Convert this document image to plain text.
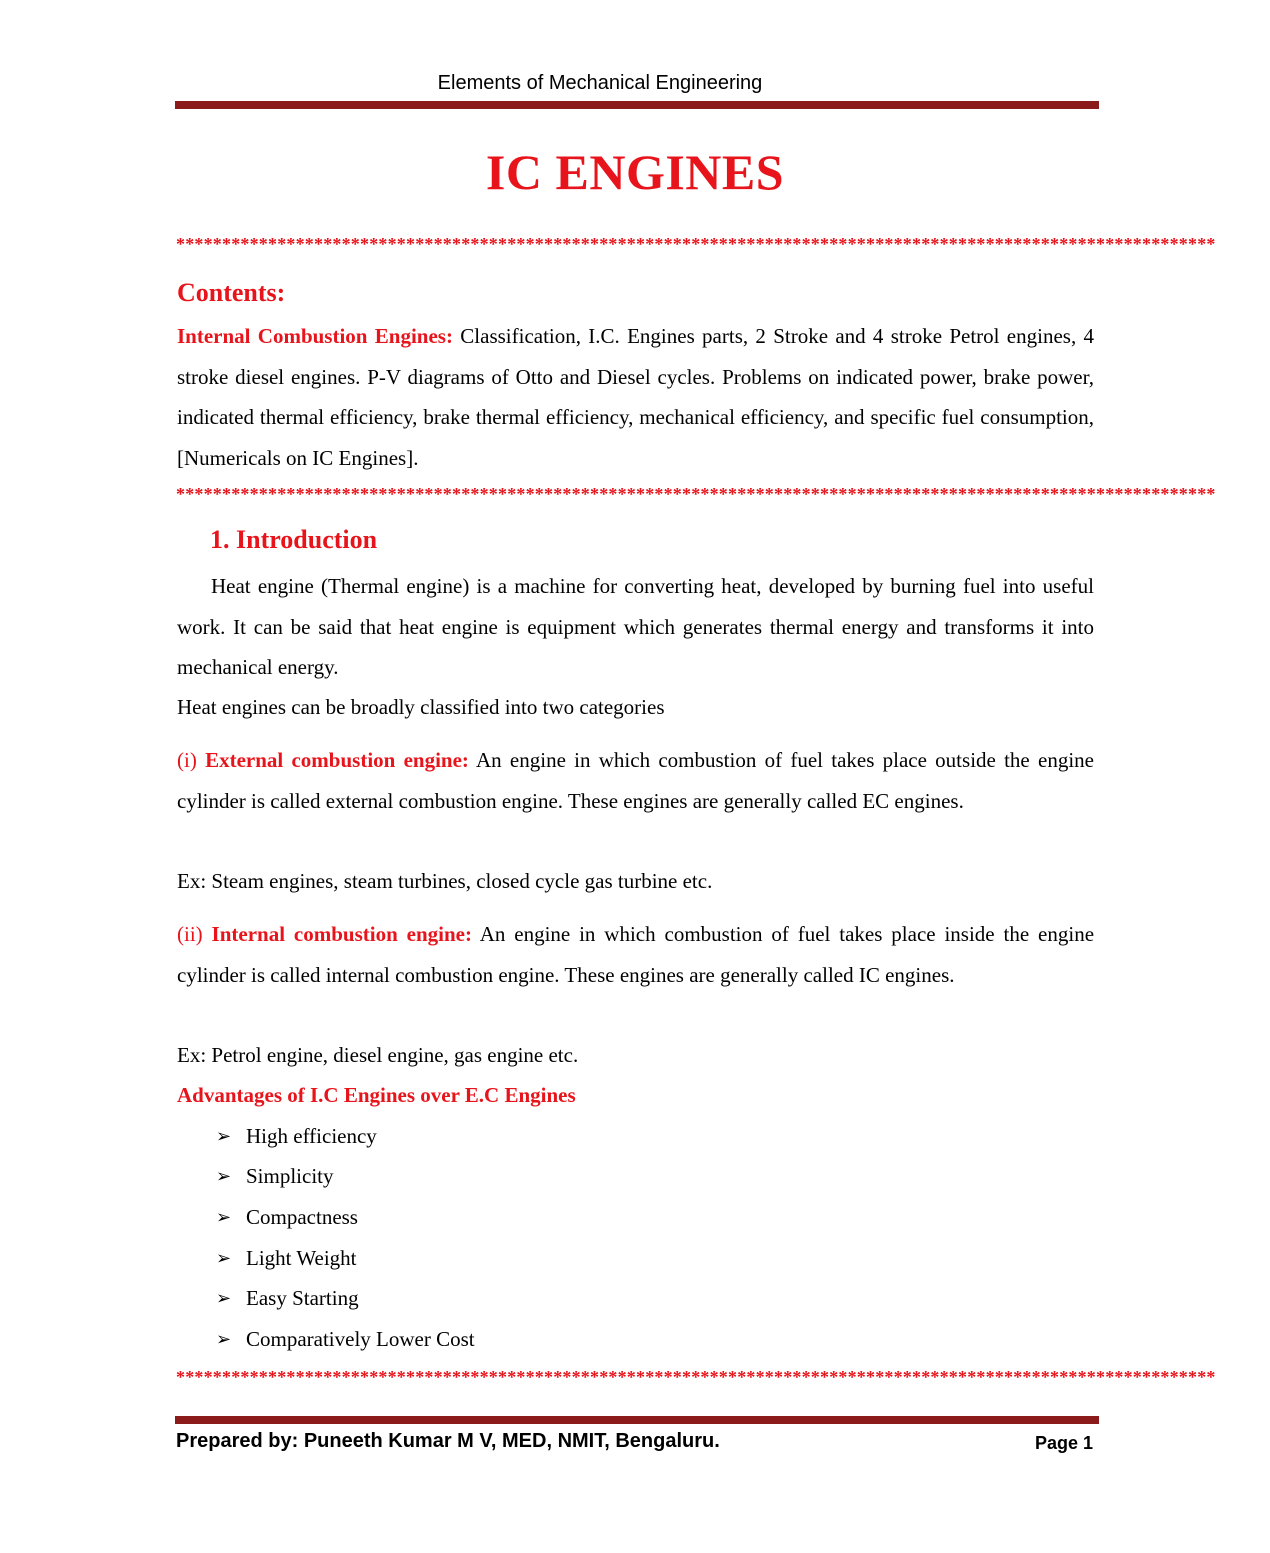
Elements of Mechanical Engineering
IC ENGINES
*****************************************************************************************************************
Contents:

Internal Combustion Engines: Classification, I.C. Engines parts, 2 Stroke and 4 stroke Petrol engines, 4 stroke diesel engines. P-V diagrams of Otto and Diesel cycles. Problems on indicated power, brake power, indicated thermal efficiency, brake thermal efficiency, mechanical efficiency, and specific fuel consumption, [Numericals on IC Engines].

*****************************************************************************************************************
1. Introduction

Heat engine (Thermal engine) is a machine for converting heat, developed by burning fuel into useful work. It can be said that heat engine is equipment which generates thermal energy and transforms it into mechanical energy.

Heat engines can be broadly classified into two categories

(i) External combustion engine: An engine in which combustion of fuel takes place outside the engine cylinder is called external combustion engine. These engines are generally called EC engines.

Ex: Steam engines, steam turbines, closed cycle gas turbine etc.

(ii) Internal combustion engine: An engine in which combustion of fuel takes place inside the engine cylinder is called internal combustion engine. These engines are generally called IC engines.

Ex: Petrol engine, diesel engine, gas engine etc.

Advantages of I.C Engines over E.C Engines
➢ High efficiency
➢ Simplicity
➢ Compactness
➢ Light Weight
➢ Easy Starting
➢ Comparatively Lower Cost
*****************************************************************************************************************
Prepared by: Puneeth Kumar M V, MED, NMIT, Bengaluru.	Page 1
